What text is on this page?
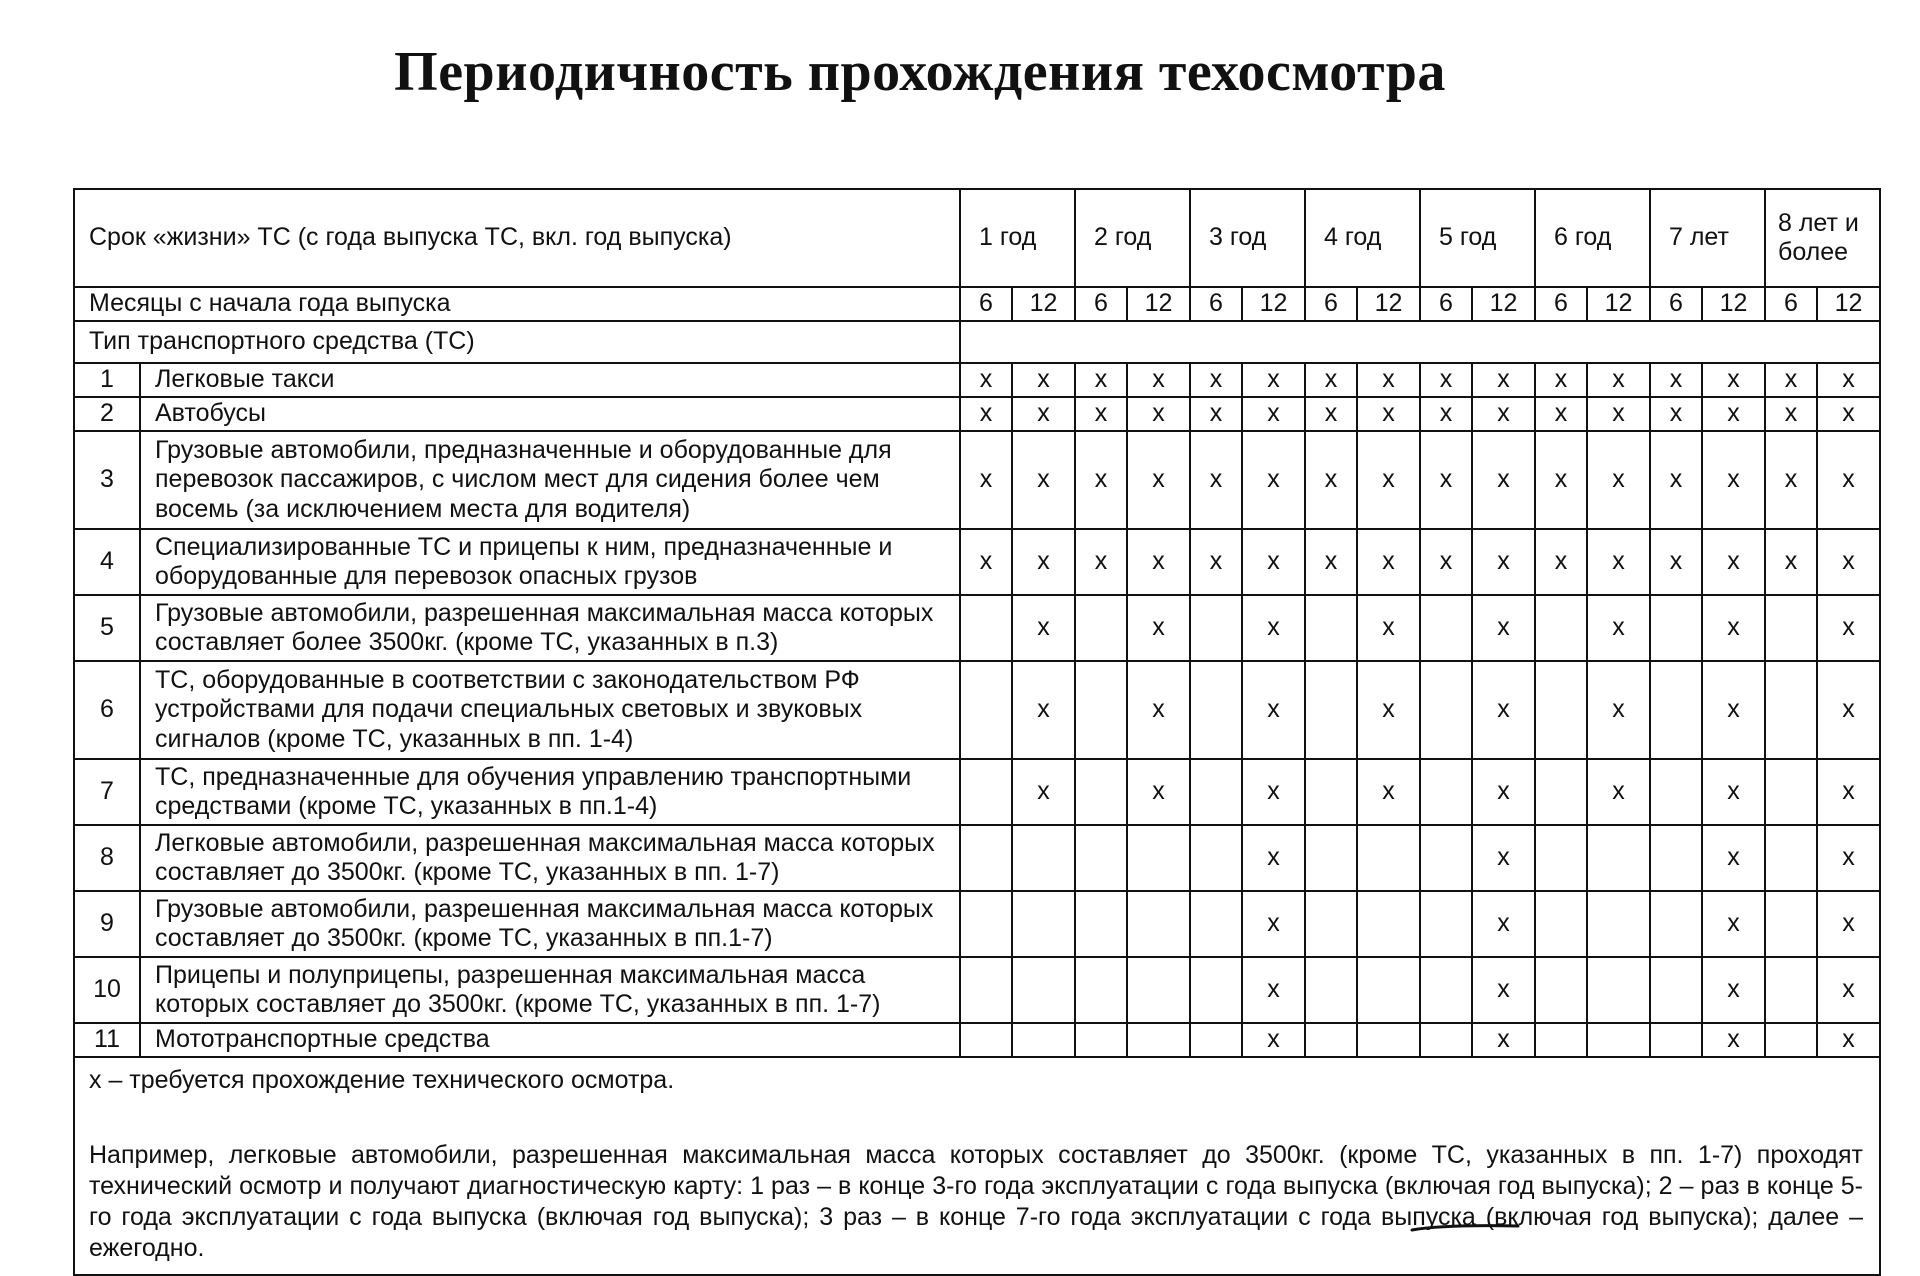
Периодичность прохождения техосмотра
Срок «жизни» ТС (с года выпуска ТС, вкл. год выпуска)		1 год		2 год		3 год		4 год		5 год		6 год		7 лет		8 лет и более	
Месяцы с начала года выпуска		6	12	6	12	6	12	6	12	6	12	6	12	6	12	6	12
Тип транспортного средства (ТС)																	
1	Легковые такси	x	x	x	x	x	x	x	x	x	x	x	x	x	x	x	x
2	Автобусы	x	x	x	x	x	x	x	x	x	x	x	x	x	x	x	x
3	Грузовые автомобили, предназначенные и оборудованные для перевозок пассажиров, с числом мест для сидения более чем восемь (за исключением места для водителя)	x	x	x	x	x	x	x	x	x	x	x	x	x	x	x	x
4	Специализированные ТС и прицепы к ним, предназначенные и оборудованные для перевозок опасных грузов	x	x	x	x	x	x	x	x	x	x	x	x	x	x	x	x
5	Грузовые автомобили, разрешенная максимальная масса которых составляет более 3500кг. (кроме ТС, указанных в п.3)		x		x		x		x		x		x		x		x
6	ТС, оборудованные в соответствии с законодательством РФ устройствами для подачи специальных световых и звуковых сигналов (кроме ТС, указанных в пп. 1-4)		x		x		x		x		x		x		x		x
7	ТС, предназначенные для обучения управлению транспортными средствами (кроме ТС, указанных в пп.1-4)		x		x		x		x		x		x		x		x
8	Легковые автомобили, разрешенная максимальная масса которых составляет до 3500кг. (кроме ТС, указанных в пп. 1-7)						x				x				x		x
9	Грузовые автомобили, разрешенная максимальная масса которых составляет до 3500кг. (кроме ТС, указанных в пп.1-7)						x				x				x		x
10	Прицепы и полуприцепы, разрешенная максимальная масса которых составляет до 3500кг. (кроме ТС, указанных в пп. 1-7)						x				x				x		x
11	Мототранспортные средства						x				x				x		x

x – требуется прохождение технического осмотра.
Например, легковые автомобили, разрешенная максимальная масса которых составляет до 3500кг. (кроме ТС, указанных в пп. 1-7) проходят технический осмотр и получают диагностическую карту: 1 раз – в конце 3-го года эксплуатации с года выпуска (включая год выпуска); 2 – раз в конце 5-го года эксплуатации с года выпуска (включая год выпуска); 3 раз – в конце 7-го года эксплуатации с года выпуска (включая год выпуска); далее – ежегодно.																	
